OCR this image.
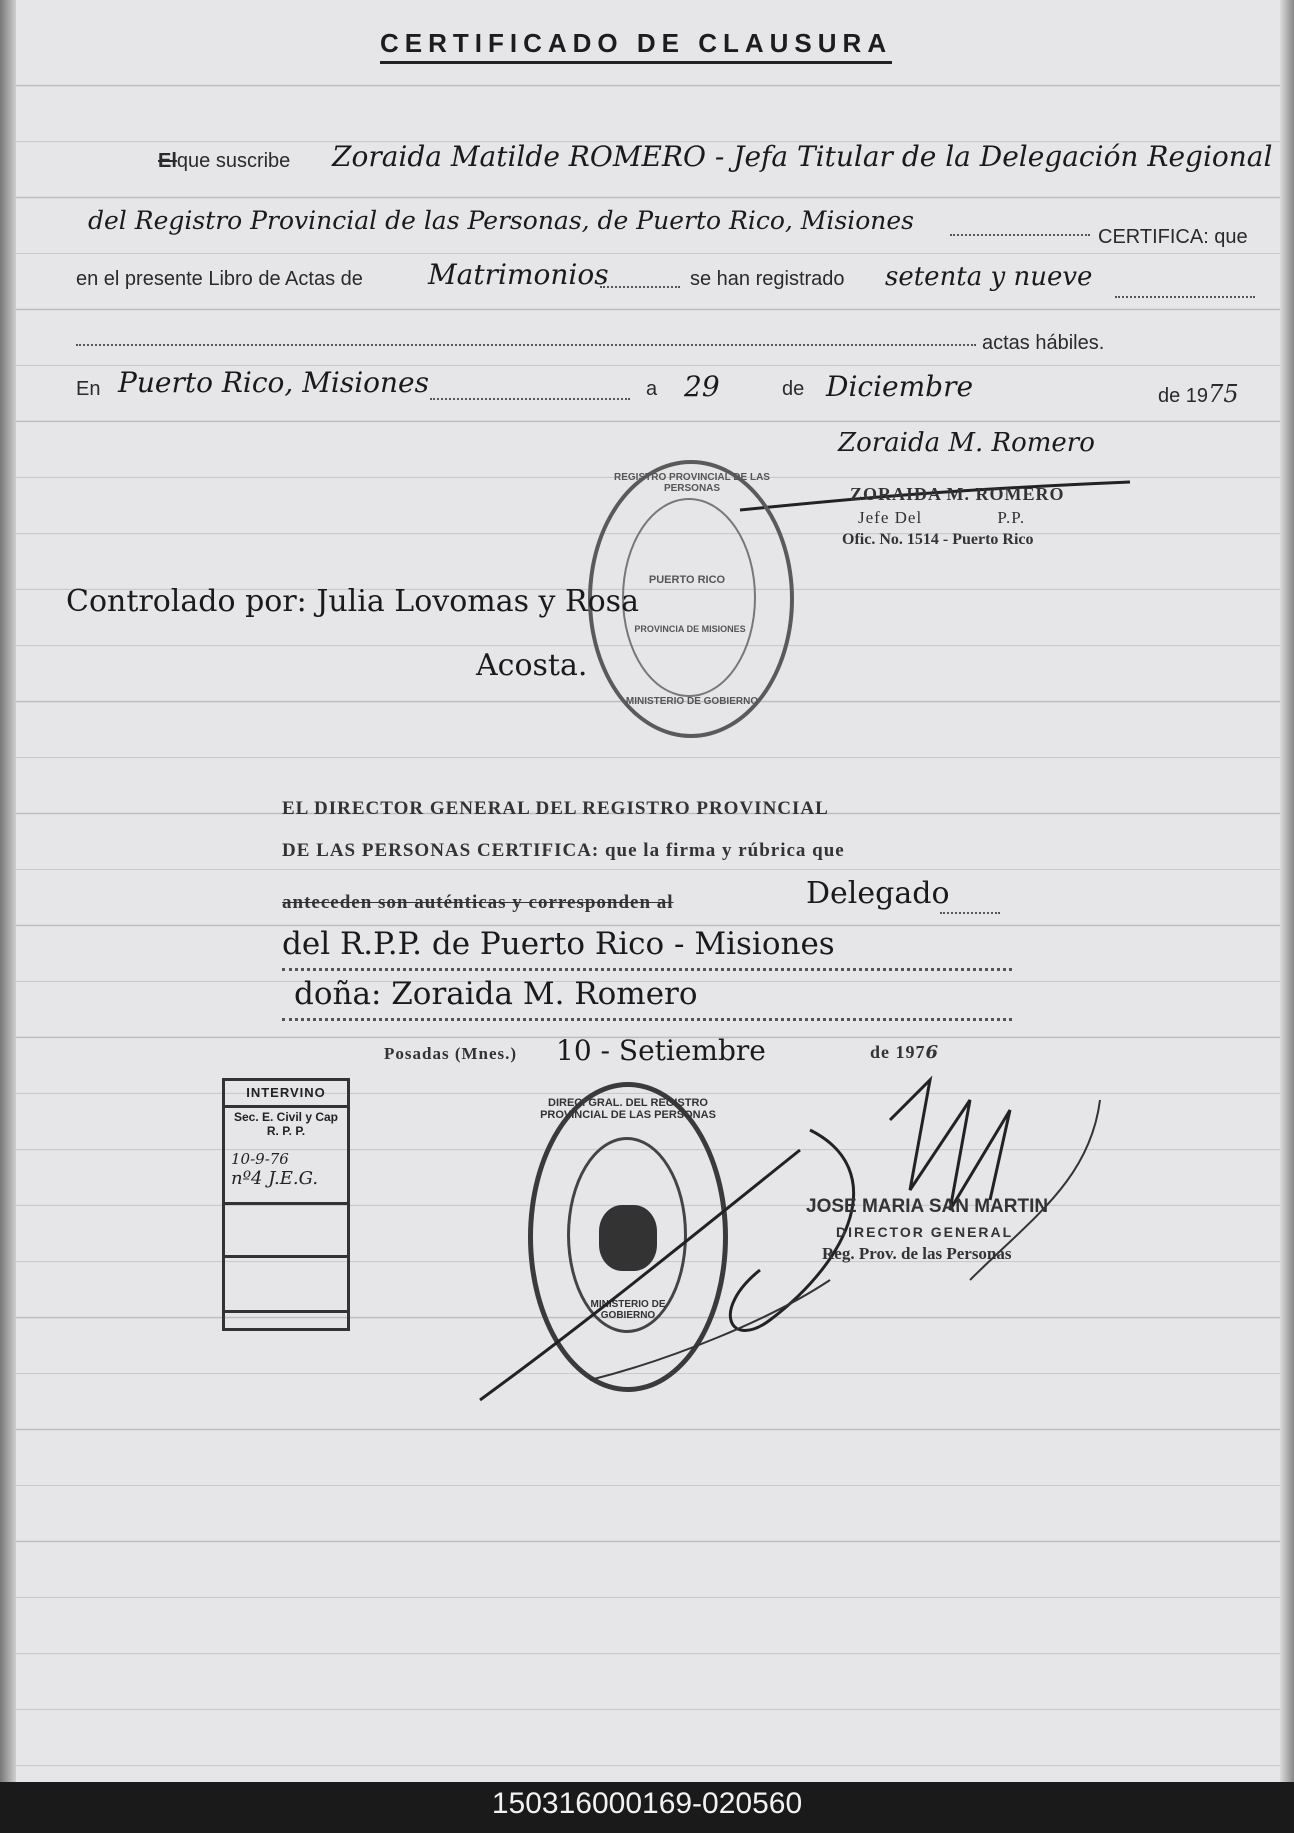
CERTIFICADO DE CLAUSURA
Elque suscribe Zoraida Matilde ROMERO - Jefa Titular de la Delegación Regional
del Registro Provincial de las Personas, de Puerto Rico, Misiones
CERTIFICA: que
en el presente Libro de Actas de Matrimonios	se han registrado setenta y nueve
actas hábiles.
En Puerto Rico, Misiones	a 29	de Diciembre	de 1975
Zoraida M. Romero
ZORAIDA M. ROMERO
Jefe Del	P.P.
Ofic. No. 1514 - Puerto Rico
PUERTO RICO
REGISTRO PROVINCIAL DE LAS PERSONAS
PROVINCIA DE MISIONES
MINISTERIO DE GOBIERNO
Controlado por: Julia Lovomas y Rosa
Acosta.
EL DIRECTOR GENERAL DEL REGISTRO PROVINCIAL
DE LAS PERSONAS CERTIFICA: que la firma y rúbrica que
anteceden son auténticas y corresponden al	Delegado
del R.P.P. de Puerto Rico - Misiones
doña: Zoraida M. Romero
Posadas (Mnes.) 10 - Setiembre	de 1976
INTERVINO
Sec. E. Civil y Cap
R. P. P.
10-9-76
nº4 J.E.G.
DIREC. GRAL. DEL REGISTRO PROVINCIAL DE LAS PERSONAS
MINISTERIO DE GOBIERNO
JOSE MARIA SAN MARTIN
DIRECTOR GENERAL
Reg. Prov. de las Personas
150316000169-020560
